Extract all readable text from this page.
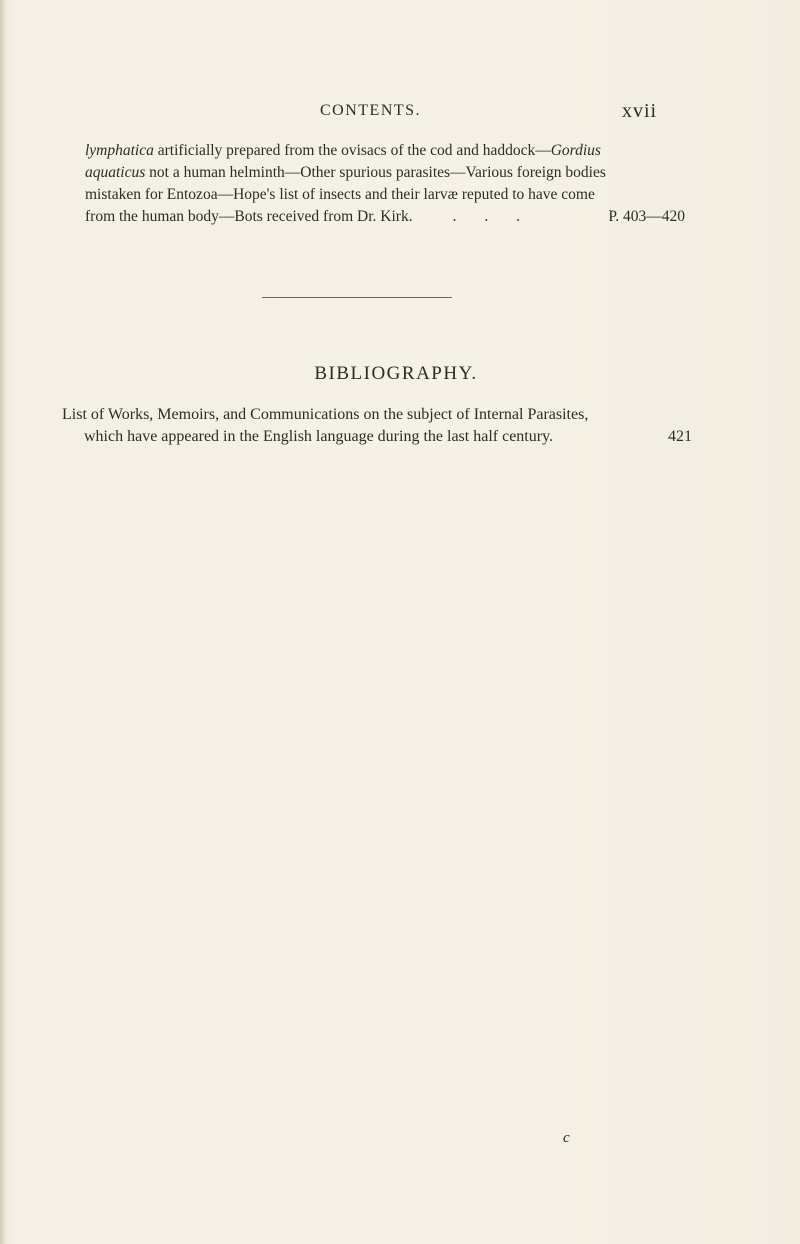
CONTENTS.	xvii
lymphatica artificially prepared from the ovisacs of the cod and haddock—Gordius
aquaticus not a human helminth—Other spurious parasites—Various foreign bodies
mistaken for Entozoa—Hope's list of insects and their larvæ reputed to have come
from the human body—Bots received from Dr. Kirk.	. . .	P. 403—420
BIBLIOGRAPHY.
List of Works, Memoirs, and Communications on the subject of Internal Parasites,
which have appeared in the English language during the last half century.	421
c
